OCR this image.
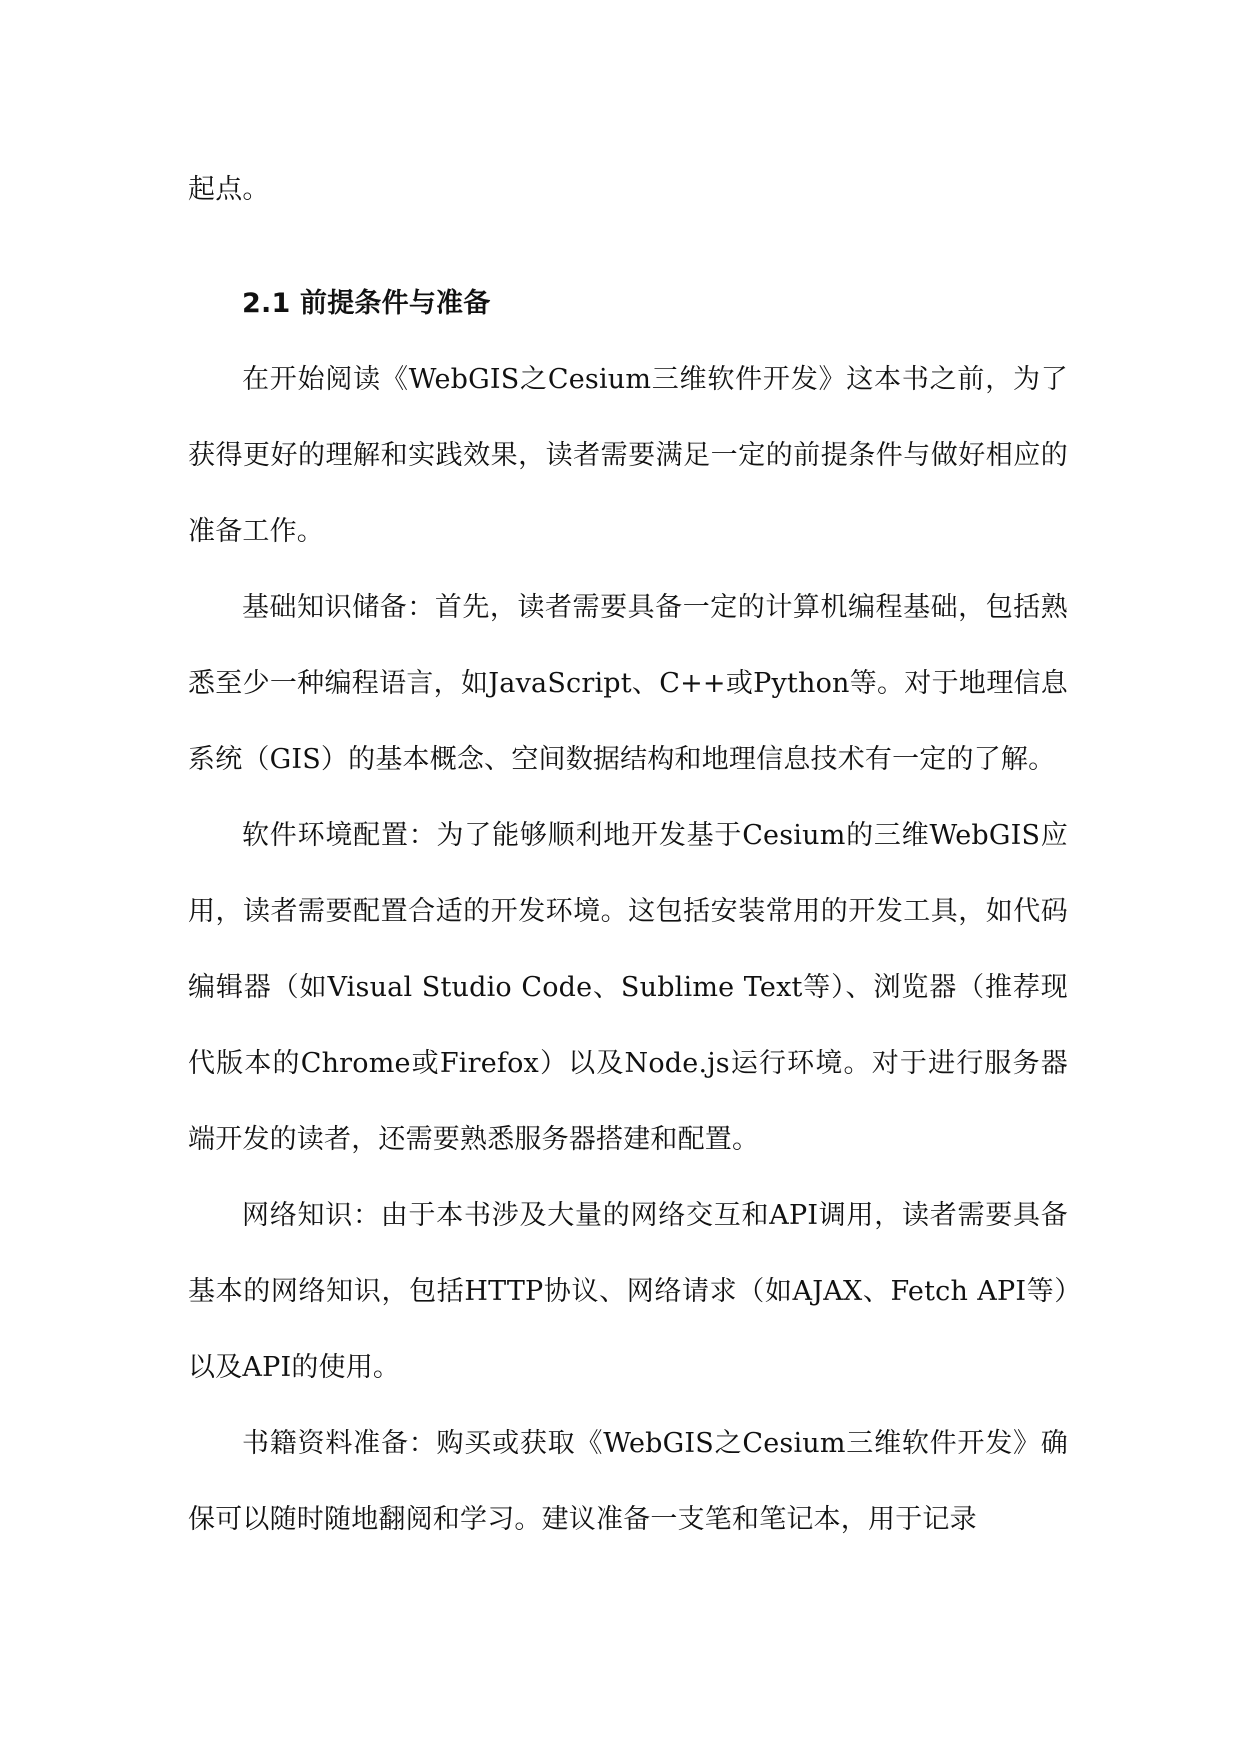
起点。

2.1 前提条件与准备

在开始阅读《WebGIS之Cesium三维软件开发》这本书之前，为了获得更好的理解和实践效果，读者需要满足一定的前提条件与做好相应的准备工作。

基础知识储备：首先，读者需要具备一定的计算机编程基础，包括熟悉至少一种编程语言，如JavaScript、C++或Python等。对于地理信息系统（GIS）的基本概念、空间数据结构和地理信息技术有一定的了解。

软件环境配置：为了能够顺利地开发基于Cesium的三维WebGIS应用，读者需要配置合适的开发环境。这包括安装常用的开发工具，如代码编辑器（如Visual Studio Code、Sublime Text等）、浏览器（推荐现代版本的Chrome或Firefox）以及Node.js运行环境。对于进行服务器端开发的读者，还需要熟悉服务器搭建和配置。

网络知识：由于本书涉及大量的网络交互和API调用，读者需要具备基本的网络知识，包括HTTP协议、网络请求（如AJAX、Fetch API等）以及API的使用。

书籍资料准备：购买或获取《WebGIS之Cesium三维软件开发》确保可以随时随地翻阅和学习。建议准备一支笔和笔记本，用于记录
